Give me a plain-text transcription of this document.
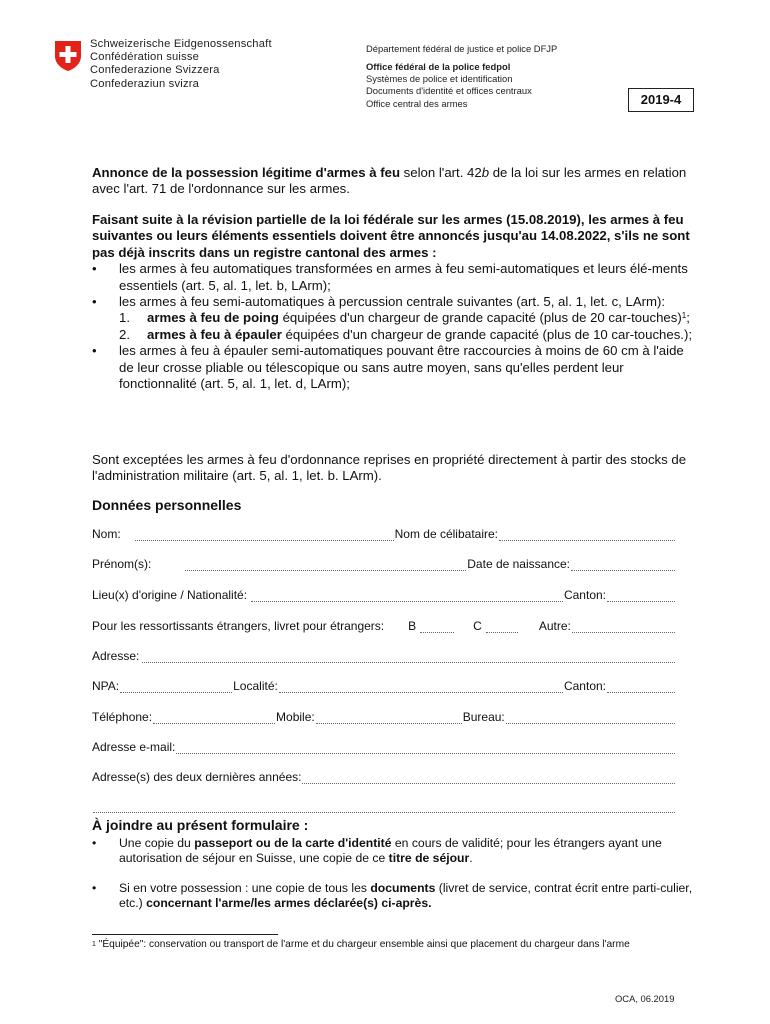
Schweizerische Eidgenossenschaft
Confédération suisse
Confederazione Svizzera
Confederaziun svizra
Département fédéral de justice et police DFJP
Office fédéral de la police fedpol
Systèmes de police et identification
Documents d'identité et offices centraux
Office central des armes	2019-4
Annonce de la possession légitime d'armes à feu selon l'art. 42b de la loi sur les armes en relation avec l'art. 71 de l'ordonnance sur les armes.
Faisant suite à la révision partielle de la loi fédérale sur les armes (15.08.2019), les armes à feu suivantes ou leurs éléments essentiels doivent être annoncés jusqu'au 14.08.2022, s'ils ne sont pas déjà inscrits dans un registre cantonal des armes :
• les armes à feu automatiques transformées en armes à feu semi-automatiques et leurs élé-ments essentiels (art. 5, al. 1, let. b, LArm);
• les armes à feu semi-automatiques à percussion centrale suivantes (art. 5, al. 1, let. c, LArm):
1. armes à feu de poing équipées d'un chargeur de grande capacité (plus de 20 car-touches)$^1$;
2. armes à feu à épauler équipées d'un chargeur de grande capacité (plus de 10 car-touches.);
• les armes à feu à épauler semi-automatiques pouvant être raccourcies à moins de 60 cm à l'aide de leur crosse pliable ou télescopique ou sans autre moyen, sans qu'elles perdent leur fonctionnalité (art. 5, al. 1, let. d, LArm);
Sont exceptées les armes à feu d'ordonnance reprises en propriété directement à partir des stocks de l'administration militaire (art. 5, al. 1, let. b. LArm).
Données personnelles
Nom:	Nom de célibataire:
Prénom(s):	Date de naissance:
Lieu(x) d'origine / Nationalité:	Canton:
Pour les ressortissants étrangers, livret pour étrangers: B	C	Autre:
Adresse:
NPA:	Localité:	Canton:
Téléphone:	Mobile:	Bureau:
Adresse e-mail:
Adresse(s) des deux dernières années:
À joindre au présent formulaire :
• Une copie du passeport ou de la carte d'identité en cours de validité; pour les étrangers ayant une autorisation de séjour en Suisse, une copie de ce titre de séjour.
• Si en votre possession : une copie de tous les documents (livret de service, contrat écrit entre parti-culier, etc.) concernant l'arme/les armes déclarée(s) ci-après.
$^1$ "Équipée": conservation ou transport de l'arme et du chargeur ensemble ainsi que placement du chargeur dans l'arme
OCA, 06.2019
